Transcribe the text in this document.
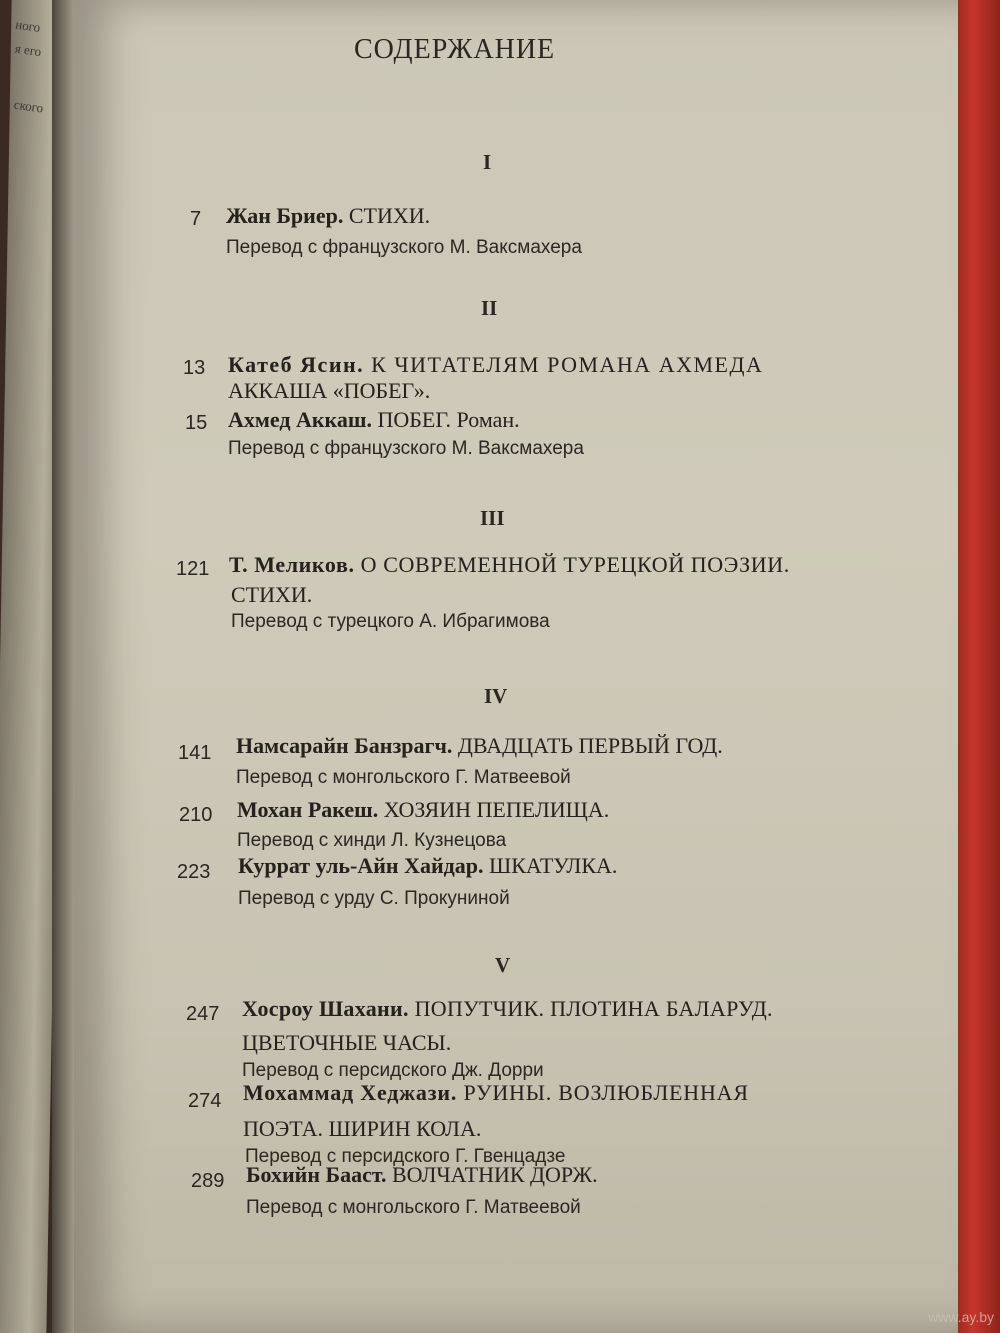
ного
я его
ского
СОДЕРЖАНИЕ
I
7 Жан Бриер. СТИХИ.
Перевод с французского М. Ваксмахера
II
13 Катеб Ясин. К ЧИТАТЕЛЯМ РОМАНА АХМЕДА
АККАША «ПОБЕГ».
15 Ахмед Аккаш. ПОБЕГ. Роман.
Перевод с французского М. Ваксмахера
III
121 Т. Меликов. О СОВРЕМЕННОЙ ТУРЕЦКОЙ ПОЭЗИИ.
СТИХИ.
Перевод с турецкого А. Ибрагимова
IV
141 Намсарайн Банзрагч. ДВАДЦАТЬ ПЕРВЫЙ ГОД.
Перевод с монгольского Г. Матвеевой
210 Мохан Ракеш. ХОЗЯИН ПЕПЕЛИЩА.
Перевод с хинди Л. Кузнецова
223 Куррат уль-Айн Хайдар. ШКАТУЛКА.
Перевод с урду С. Прокуниной
V
247 Хосроу Шахани. ПОПУТЧИК. ПЛОТИНА БАЛАРУД.
ЦВЕТОЧНЫЕ ЧАСЫ.
Перевод с персидского Дж. Дорри
274 Мохаммад Хеджази. РУИНЫ. ВОЗЛЮБЛЕННАЯ
ПОЭТА. ШИРИН КОЛА.
Перевод с персидского Г. Гвенцадзе
289 Бохийн Бааст. ВОЛЧАТНИК ДОРЖ.
Перевод с монгольского Г. Матвеевой
www.ay.by
